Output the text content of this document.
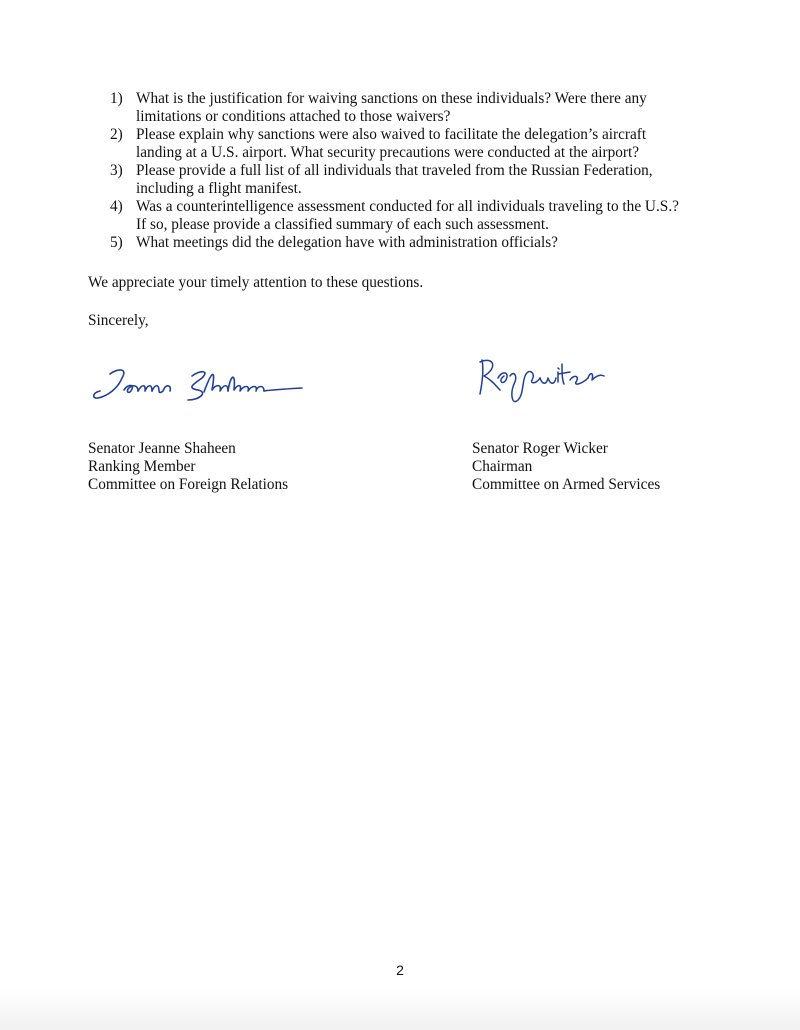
1) What is the justification for waiving sanctions on these individuals? Were there any
limitations or conditions attached to those waivers?
2) Please explain why sanctions were also waived to facilitate the delegation’s aircraft
landing at a U.S. airport. What security precautions were conducted at the airport?
3) Please provide a full list of all individuals that traveled from the Russian Federation,
including a flight manifest.
4) Was a counterintelligence assessment conducted for all individuals traveling to the U.S.?
If so, please provide a classified summary of each such assessment.
5) What meetings did the delegation have with administration officials?

We appreciate your timely attention to these questions.

Sincerely,

Senator Jeanne Shaheen
Ranking Member
Committee on Foreign Relations
Senator Roger Wicker
Chairman
Committee on Armed Services
2
